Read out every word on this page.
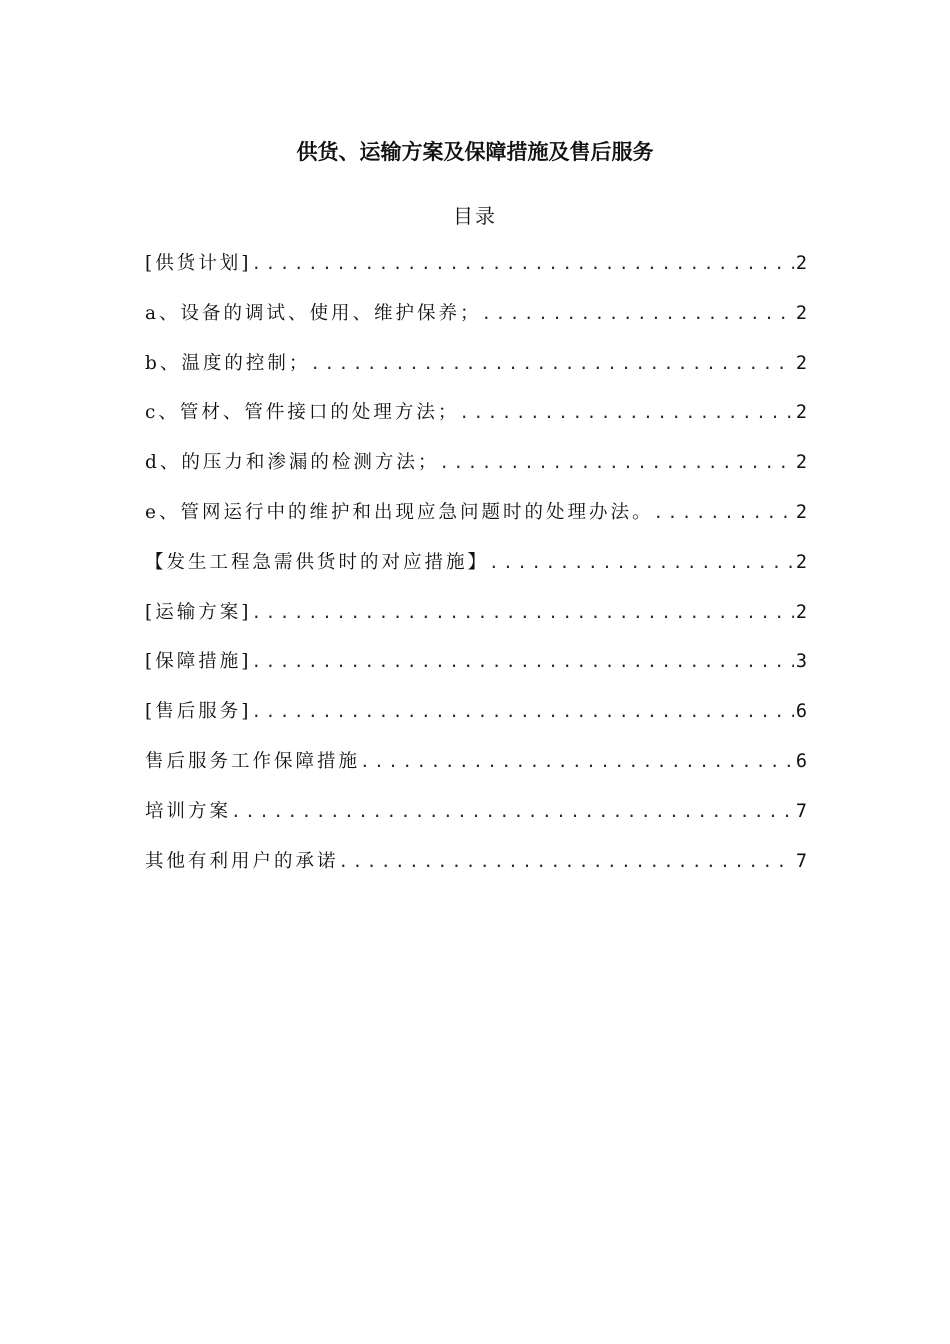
供货、运输方案及保障措施及售后服务
目录
[供货计划] .....	2
a、设备的调试、使用、维护保养； .....	2
b、温度的控制； .....	2
c、管材、管件接口的处理方法； .....	2
d、的压力和渗漏的检测方法； .....	2
e、管网运行中的维护和出现应急问题时的处理办法。 .....	2
【发生工程急需供货时的对应措施】 .....	2
[运输方案] .....	2
[保障措施] .....	3
[售后服务] .....	6
售后服务工作保障措施 .....	6
培训方案 .....	7
其他有利用户的承诺 .....	7
